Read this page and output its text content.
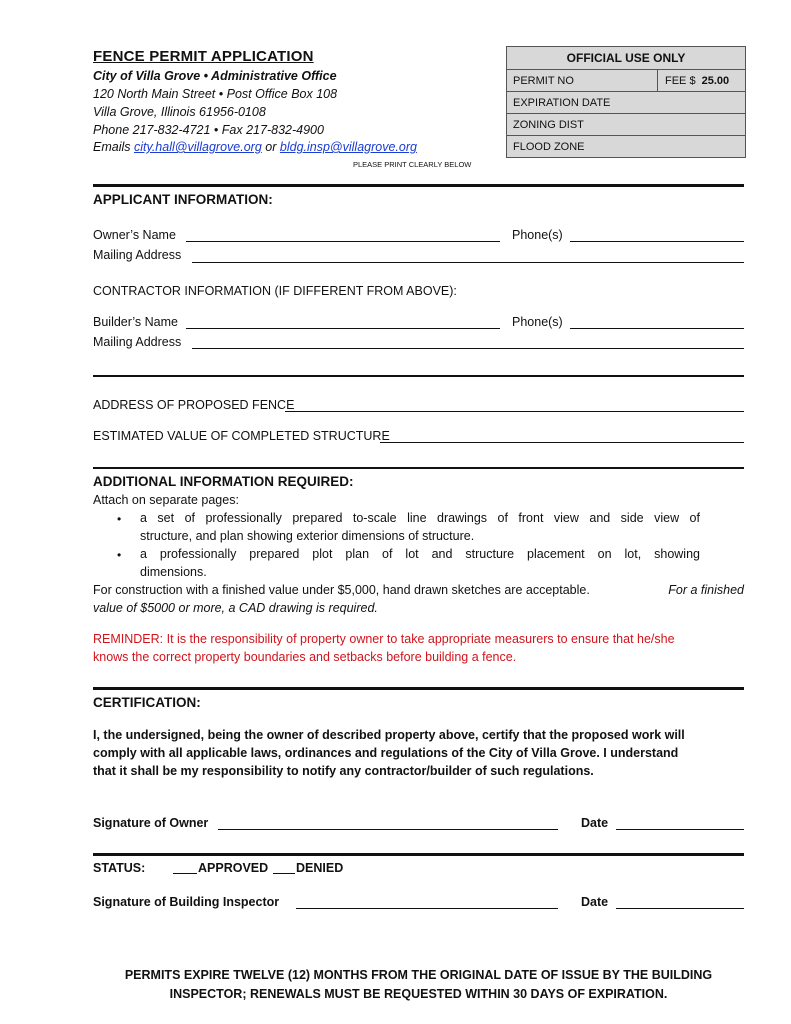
FENCE PERMIT APPLICATION
City of Villa Grove • Administrative Office
120 North Main Street • Post Office Box 108
Villa Grove, Illinois 61956-0108
Phone 217-832-4721 • Fax 217-832-4900
Emails city.hall@villagrove.org or bldg.insp@villagrove.org
PLEASE PRINT CLEARLY BELOW
OFFICIAL USE ONLY
PERMIT NO	FEE $ 25.00
EXPIRATION DATE
ZONING DIST
FLOOD ZONE
APPLICANT INFORMATION:
Owner’s Name	Phone(s)
Mailing Address
CONTRACTOR INFORMATION (IF DIFFERENT FROM ABOVE):
Builder’s Name	Phone(s)
Mailing Address
ADDRESS OF PROPOSED FENCE
ESTIMATED VALUE OF COMPLETED STRUCTURE
ADDITIONAL INFORMATION REQUIRED:
Attach on separate pages:
• a set of professionally prepared to-scale line drawings of front view and side view of
structure, and plan showing exterior dimensions of structure.
• a professionally prepared plot plan of lot and structure placement on lot, showing
dimensions.
For construction with a finished value under $5,000, hand drawn sketches are acceptable.	For a finished
value of $5000 or more, a CAD drawing is required.
REMINDER: It is the responsibility of property owner to take appropriate measurers to ensure that he/she
knows the correct property boundaries and setbacks before building a fence.
CERTIFICATION:
I, the undersigned, being the owner of described property above, certify that the proposed work will
comply with all applicable laws, ordinances and regulations of the City of Villa Grove. I understand
that it shall be my responsibility to notify any contractor/builder of such regulations.
Signature of Owner	Date
STATUS:	APPROVED DENIED
Signature of Building Inspector	Date
PERMITS EXPIRE TWELVE (12) MONTHS FROM THE ORIGINAL DATE OF ISSUE BY THE BUILDING
INSPECTOR; RENEWALS MUST BE REQUESTED WITHIN 30 DAYS OF EXPIRATION.
